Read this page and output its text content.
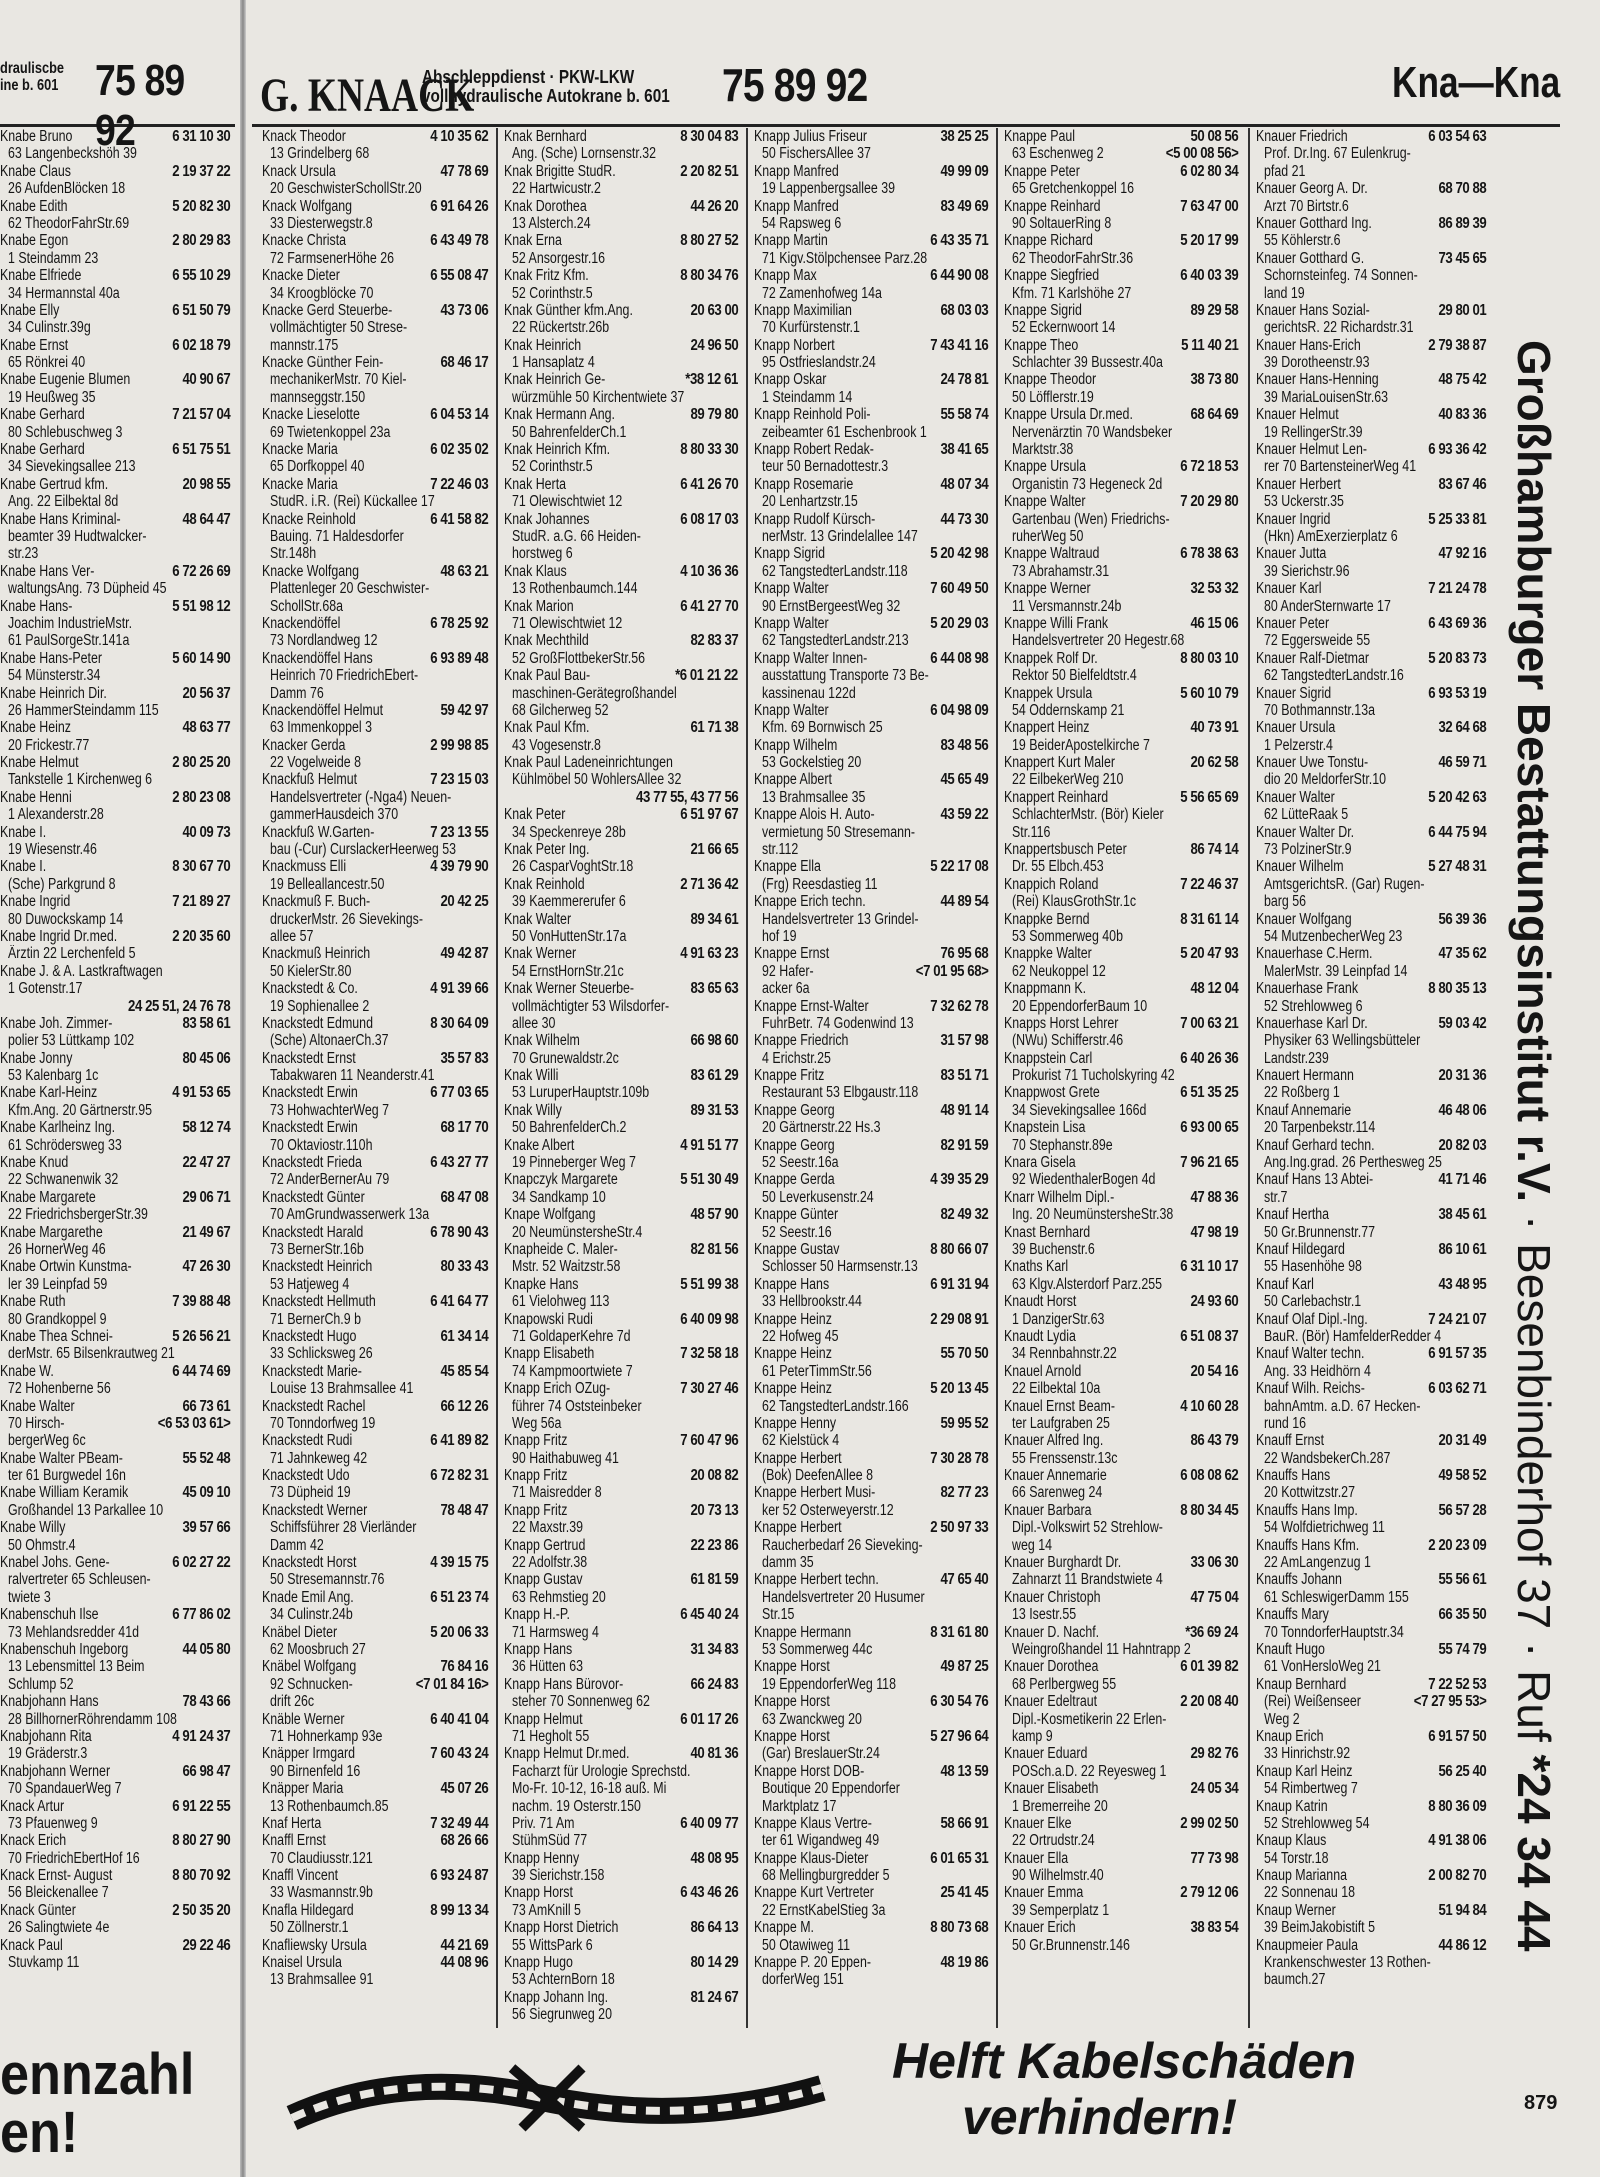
drauliscbe
ine b. 601 75 89 92
G. KNAACK
Abschleppdienst · PKW-LKW
vollhydraulische Autokrane b. 601 75 89 92	Kna—Kna
Knabe Bruno	6 31 10 30
63 Langenbeckshöh 39
Knabe Claus	2 19 37 22
26 AufdenBlöcken 18
Knabe Edith	5 20 82 30
62 TheodorFahrStr.69
Knabe Egon	2 80 29 83
1 Steindamm 23
Knabe Elfriede	6 55 10 29
34 Hermannstal 40a
Knabe Elly	6 51 50 79
34 Culinstr.39g
Knabe Ernst	6 02 18 79
65 Rönkrei 40
Knabe Eugenie Blumen	40 90 67
19 Heußweg 35
Knabe Gerhard	7 21 57 04
80 Schlebuschweg 3
Knabe Gerhard	6 51 75 51
34 Sievekingsallee 213
Knabe Gertrud kfm.	20 98 55
Ang. 22 Eilbektal 8d
Knabe Hans Kriminal-	48 64 47
beamter 39 Hudtwalcker-
str.23
Knabe Hans Ver-	6 72 26 69
waltungsAng. 73 Düpheid 45
Knabe Hans-	5 51 98 12
Joachim IndustrieMstr.
61 PaulSorgeStr.141a
Knabe Hans-Peter	5 60 14 90
54 Münsterstr.34
Knabe Heinrich Dir.	20 56 37
26 HammerSteindamm 115
Knabe Heinz	48 63 77
20 Frickestr.77
Knabe Helmut	2 80 25 20
Tankstelle 1 Kirchenweg 6
Knabe Henni	2 80 23 08
1 Alexanderstr.28
Knabe I.	40 09 73
19 Wiesenstr.46
Knabe I.	8 30 67 70
(Sche) Parkgrund 8
Knabe Ingrid	7 21 89 27
80 Duwockskamp 14
Knabe Ingrid Dr.med.	2 20 35 60
Ärztin 22 Lerchenfeld 5
Knabe J. & A. Lastkraftwagen
1 Gotenstr.17
24 25 51, 24 76 78
Knabe Joh. Zimmer-	83 58 61
polier 53 Lüttkamp 102
Knabe Jonny	80 45 06
53 Kalenbarg 1c
Knabe Karl-Heinz	4 91 53 65
Kfm.Ang. 20 Gärtnerstr.95
Knabe Karlheinz Ing.	58 12 74
61 Schrödersweg 33
Knabe Knud	22 47 27
22 Schwanenwik 32
Knabe Margarete	29 06 71
22 FriedrichsbergerStr.39
Knabe Margarethe	21 49 67
26 HornerWeg 46
Knabe Ortwin Kunstma-	47 26 30
ler 39 Leinpfad 59
Knabe Ruth	7 39 88 48
80 Grandkoppel 9
Knabe Thea Schnei-	5 26 56 21
derMstr. 65 Bilsenkrautweg 21
Knabe W.	6 44 74 69
72 Hohenberne 56
Knabe Walter	66 73 61
70 Hirsch-	<6 53 03 61>
bergerWeg 6c
Knabe Walter PBeam-	55 52 48
ter 61 Burgwedel 16n
Knabe William Keramik	45 09 10
Großhandel 13 Parkallee 10
Knabe Willy	39 57 66
50 Ohmstr.4
Knabel Johs. Gene-	6 02 27 22
ralvertreter 65 Schleusen-
twiete 3
Knabenschuh Ilse	6 77 86 02
73 Mehlandsredder 41d
Knabenschuh Ingeborg	44 05 80
13 Lebensmittel 13 Beim
Schlump 52
Knabjohann Hans	78 43 66
28 BillhornerRöhrendamm 108
Knabjohann Rita	4 91 24 37
19 Gräderstr.3
Knabjohann Werner	66 98 47
70 SpandauerWeg 7
Knack Artur	6 91 22 55
73 Pfauenweg 9
Knack Erich	8 80 27 90
70 FriedrichEbertHof 16
Knack Ernst- August	8 80 70 92
56 Bleickenallee 7
Knack Günter	2 50 35 20
26 Salingtwiete 4e
Knack Paul	29 22 46
Stuvkamp 11
Knack Theodor	4 10 35 62
13 Grindelberg 68
Knack Ursula	47 78 69
20 GeschwisterSchollStr.20
Knack Wolfgang	6 91 64 26
33 Diesterwegstr.8
Knacke Christa	6 43 49 78
72 FarmsenerHöhe 26
Knacke Dieter	6 55 08 47
34 Kroogblöcke 70
Knacke Gerd Steuerbe-	43 73 06
vollmächtigter 50 Strese-
mannstr.175
Knacke Günther Fein-	68 46 17
mechanikerMstr. 70 Kiel-
mannseggstr.150
Knacke Lieselotte	6 04 53 14
69 Twietenkoppel 23a
Knacke Maria	6 02 35 02
65 Dorfkoppel 40
Knacke Maria	7 22 46 03
StudR. i.R. (Rei) Kückallee 17
Knacke Reinhold	6 41 58 82
Bauing. 71 Haldesdorfer
Str.148h
Knacke Wolfgang	48 63 21
Plattenleger 20 Geschwister-
SchollStr.68a
Knackendöffel	6 78 25 92
73 Nordlandweg 12
Knackendöffel Hans	6 93 89 48
Heinrich 70 FriedrichEbert-
Damm 76
Knackendöffel Helmut	59 42 97
63 Immenkoppel 3
Knacker Gerda	2 99 98 85
22 Vogelweide 8
Knackfuß Helmut	7 23 15 03
Handelsvertreter (-Nga4) Neuen-
gammerHausdeich 370
Knackfuß W.Garten-	7 23 13 55
bau (-Cur) CurslackerHeerweg 53
Knackmuss Elli	4 39 79 90
19 Belleallancestr.50
Knackmuß F. Buch-	20 42 25
druckerMstr. 26 Sievekings-
allee 57
Knackmuß Heinrich	49 42 87
50 KielerStr.80
Knackstedt & Co.	4 91 39 66
19 Sophienallee 2
Knackstedt Edmund	8 30 64 09
(Sche) AltonaerCh.37
Knackstedt Ernst	35 57 83
Tabakwaren 11 Neanderstr.41
Knackstedt Erwin	6 77 03 65
73 HohwachterWeg 7
Knackstedt Erwin	68 17 70
70 Oktaviostr.110h
Knackstedt Frieda	6 43 27 77
72 AnderBernerAu 79
Knackstedt Günter	68 47 08
70 AmGrundwasserwerk 13a
Knackstedt Harald	6 78 90 43
73 BernerStr.16b
Knackstedt Heinrich	80 33 43
53 Hatjeweg 4
Knackstedt Hellmuth	6 41 64 77
71 BernerCh.9 b
Knackstedt Hugo	61 34 14
33 Schlicksweg 26
Knackstedt Marie-	45 85 54
Louise 13 Brahmsallee 41
Knackstedt Rachel	66 12 26
70 Tonndorfweg 19
Knackstedt Rudi	6 41 89 82
71 Jahnkeweg 42
Knackstedt Udo	6 72 82 31
73 Düpheid 19
Knackstedt Werner	78 48 47
Schiffsführer 28 Vierländer
Damm 42
Knackstedt Horst	4 39 15 75
50 Stresemannstr.76
Knade Emil Ang.	6 51 23 74
34 Culinstr.24b
Knäbel Dieter	5 20 06 33
62 Moosbruch 27
Knäbel Wolfgang	76 84 16
92 Schnucken-	<7 01 84 16>
drift 26c
Knäble Werner	6 40 41 04
71 Hohnerkamp 93e
Knäpper Irmgard	7 60 43 24
90 Birnenfeld 16
Knäpper Maria	45 07 26
13 Rothenbaumch.85
Knaf Herta	7 32 49 44
Knaffl Ernst	68 26 66
70 Claudiusstr.121
Knaffl Vincent	6 93 24 87
33 Wasmannstr.9b
Knafla Hildegard	8 99 13 34
50 Zöllnerstr.1
Knafliewsky Ursula	44 21 69
Knaisel Ursula	44 08 96
13 Brahmsallee 91
Knak Bernhard	8 30 04 83
Ang. (Sche) Lornsenstr.32
Knak Brigitte StudR.	2 20 82 51
22 Hartwicustr.2
Knak Dorothea	44 26 20
13 Alsterch.24
Knak Erna	8 80 27 52
52 Ansorgestr.16
Knak Fritz Kfm.	8 80 34 76
52 Corinthstr.5
Knak Günther kfm.Ang.	20 63 00
22 Rückertstr.26b
Knak Heinrich	24 96 50
1 Hansaplatz 4
Knak Heinrich Ge-	*38 12 61
würzmühle 50 Kirchentwiete 37
Knak Hermann Ang.	89 79 80
50 BahrenfelderCh.1
Knak Heinrich Kfm.	8 80 33 30
52 Corinthstr.5
Knak Herta	6 41 26 70
71 Olewischtwiet 12
Knak Johannes	6 08 17 03
StudR. a.G. 66 Heiden-
horstweg 6
Knak Klaus	4 10 36 36
13 Rothenbaumch.144
Knak Marion	6 41 27 70
71 Olewischtwiet 12
Knak Mechthild	82 83 37
52 GroßFlottbekerStr.56
Knak Paul Bau-	*6 01 21 22
maschinen-Gerätegroßhandel
68 Gilcherweg 52
Knak Paul Kfm.	61 71 38
43 Vogesenstr.8
Knak Paul Ladeneinrichtungen
Kühlmöbel 50 WohlersAllee 32
43 77 55, 43 77 56
Knak Peter	6 51 97 67
34 Speckenreye 28b
Knak Peter Ing.	21 66 65
26 CasparVoghtStr.18
Knak Reinhold	2 71 36 42
39 Kaemmererufer 6
Knak Walter	89 34 61
50 VonHuttenStr.17a
Knak Werner	4 91 63 23
54 ErnstHornStr.21c
Knak Werner Steuerbe-	83 65 63
vollmächtigter 53 Wilsdorfer-
allee 30
Knak Wilhelm	66 98 60
70 Grunewaldstr.2c
Knak Willi	83 61 29
53 LuruperHauptstr.109b
Knak Willy	89 31 53
50 BahrenfelderCh.2
Knake Albert	4 91 51 77
19 Pinneberger Weg 7
Knapczyk Margarete	5 51 30 49
34 Sandkamp 10
Knape Wolfgang	48 57 90
20 NeumünstersheStr.4
Knapheide C. Maler-	82 81 56
Mstr. 52 Waitzstr.58
Knapke Hans	5 51 99 38
61 Vielohweg 113
Knapowski Rudi	6 40 09 98
71 GoldaperKehre 7d
Knapp Elisabeth	7 32 58 18
74 Kampmoortwiete 7
Knapp Erich OZug-	7 30 27 46
führer 74 Oststeinbeker
Weg 56a
Knapp Fritz	7 60 47 96
90 Haithabuweg 41
Knapp Fritz	20 08 82
71 Maisredder 8
Knapp Fritz	20 73 13
22 Maxstr.39
Knapp Gertrud	22 23 86
22 Adolfstr.38
Knapp Gustav	61 81 59
63 Rehmstieg 20
Knapp H.-P.	6 45 40 24
71 Harmsweg 4
Knapp Hans	31 34 83
36 Hütten 63
Knapp Hans Bürovor-	66 24 83
steher 70 Sonnenweg 62
Knapp Helmut	6 01 17 26
71 Hegholt 55
Knapp Helmut Dr.med.	40 81 36
Facharzt für Urologie Sprechstd.
Mo-Fr. 10-12, 16-18 auß. Mi
nachm. 19 Osterstr.150
Priv. 71 Am	6 40 09 77
StühmSüd 77
Knapp Henny	48 08 95
39 Sierichstr.158
Knapp Horst	6 43 46 26
73 AmKnill 5
Knapp Horst Dietrich	86 64 13
55 WittsPark 6
Knapp Hugo	80 14 29
53 AchternBorn 18
Knapp Johann Ing.	81 24 67
56 Siegrunweg 20
Knapp Julius Friseur	38 25 25
50 FischersAllee 37
Knapp Manfred	49 99 09
19 Lappenbergsallee 39
Knapp Manfred	83 49 69
54 Rapsweg 6
Knapp Martin	6 43 35 71
71 Kigv.Stölpchensee Parz.28
Knapp Max	6 44 90 08
72 Zamenhofweg 14a
Knapp Maximilian	68 03 03
70 Kurfürstenstr.1
Knapp Norbert	7 43 41 16
95 Ostfrieslandstr.24
Knapp Oskar	24 78 81
1 Steindamm 14
Knapp Reinhold Poli-	55 58 74
zeibeamter 61 Eschenbrook 1
Knapp Robert Redak-	38 41 65
teur 50 Bernadottestr.3
Knapp Rosemarie	48 07 34
20 Lenhartzstr.15
Knapp Rudolf Kürsch-	44 73 30
nerMstr. 13 Grindelallee 147
Knapp Sigrid	5 20 42 98
62 TangstedterLandstr.118
Knapp Walter	7 60 49 50
90 ErnstBergeestWeg 32
Knapp Walter	5 20 29 03
62 TangstedterLandstr.213
Knapp Walter Innen-	6 44 08 98
ausstattung Transporte 73 Be-
kassinenau 122d
Knapp Walter	6 04 98 09
Kfm. 69 Bornwisch 25
Knapp Wilhelm	83 48 56
53 Gockelstieg 20
Knappe Albert	45 65 49
13 Brahmsallee 35
Knappe Alois H. Auto-	43 59 22
vermietung 50 Stresemann-
str.112
Knappe Ella	5 22 17 08
(Frg) Reesdastieg 11
Knappe Erich techn.	44 89 54
Handelsvertreter 13 Grindel-
hof 19
Knappe Ernst	76 95 68
92 Hafer-	<7 01 95 68>
acker 6a
Knappe Ernst-Walter	7 32 62 78
FuhrBetr. 74 Godenwind 13
Knappe Friedrich	31 57 98
4 Erichstr.25
Knappe Fritz	83 51 71
Restaurant 53 Elbgaustr.118
Knappe Georg	48 91 14
20 Gärtnerstr.22 Hs.3
Knappe Georg	82 91 59
52 Seestr.16a
Knappe Gerda	4 39 35 29
50 Leverkusenstr.24
Knappe Günter	82 49 32
52 Seestr.16
Knappe Gustav	8 80 66 07
Schlosser 50 Harmsenstr.13
Knappe Hans	6 91 31 94
33 Hellbrookstr.44
Knappe Heinz	2 29 08 91
22 Hofweg 45
Knappe Heinz	55 70 50
61 PeterTimmStr.56
Knappe Heinz	5 20 13 45
62 TangstedterLandstr.166
Knappe Henny	59 95 52
62 Kielstück 4
Knappe Herbert	7 30 28 78
(Bok) DeefenAllee 8
Knappe Herbert Musi-	82 77 23
ker 52 Osterweyerstr.12
Knappe Herbert	2 50 97 33
Raucherbedarf 26 Sieveking-
damm 35
Knappe Herbert techn.	47 65 40
Handelsvertreter 20 Husumer
Str.15
Knappe Hermann	8 31 61 80
53 Sommerweg 44c
Knappe Horst	49 87 25
19 EppendorferWeg 118
Knappe Horst	6 30 54 76
63 Zwanckweg 20
Knappe Horst	5 27 96 64
(Gar) BreslauerStr.24
Knappe Horst DOB-	48 13 59
Boutique 20 Eppendorfer
Marktplatz 17
Knappe Klaus Vertre-	58 66 91
ter 61 Wigandweg 49
Knappe Klaus-Dieter	6 01 65 31
68 Mellingburgredder 5
Knappe Kurt Vertreter	25 41 45
22 ErnstKabelStieg 3a
Knappe M.	8 80 73 68
50 Otawiweg 11
Knappe P. 20 Eppen-	48 19 86
dorferWeg 151
Knappe Paul	50 08 56
63 Eschenweg 2	<5 00 08 56>
Knappe Peter	6 02 80 34
65 Gretchenkoppel 16
Knappe Reinhard	7 63 47 00
90 SoltauerRing 8
Knappe Richard	5 20 17 99
62 TheodorFahrStr.36
Knappe Siegfried	6 40 03 39
Kfm. 71 Karlshöhe 27
Knappe Sigrid	89 29 58
52 Eckernwoort 14
Knappe Theo	5 11 40 21
Schlachter 39 Bussestr.40a
Knappe Theodor	38 73 80
50 Löfflerstr.19
Knappe Ursula Dr.med.	68 64 69
Nervenärztin 70 Wandsbeker
Marktstr.38
Knappe Ursula	6 72 18 53
Organistin 73 Hegeneck 2d
Knappe Walter	7 20 29 80
Gartenbau (Wen) Friedrichs-
ruherWeg 50
Knappe Waltraud	6 78 38 63
73 Abrahamstr.31
Knappe Werner	32 53 32
11 Versmannstr.24b
Knappe Willi Frank	46 15 06
Handelsvertreter 20 Hegestr.68
Knappek Rolf Dr.	8 80 03 10
Rektor 50 Bielfeldtstr.4
Knappek Ursula	5 60 10 79
54 Oddernskamp 21
Knappert Heinz	40 73 91
19 BeiderApostelkirche 7
Knappert Kurt Maler	20 62 58
22 EilbekerWeg 210
Knappert Reinhard	5 56 65 69
SchlachterMstr. (Bör) Kieler
Str.116
Knappertsbusch Peter	86 74 14
Dr. 55 Elbch.453
Knappich Roland	7 22 46 37
(Rei) KlausGrothStr.1c
Knappke Bernd	8 31 61 14
53 Sommerweg 40b
Knappke Walter	5 20 47 93
62 Neukoppel 12
Knappmann K.	48 12 04
20 EppendorferBaum 10
Knapps Horst Lehrer	7 00 63 21
(NWu) Schifferstr.46
Knappstein Carl	6 40 26 36
Prokurist 71 Tucholskyring 42
Knappwost Grete	6 51 35 25
34 Sievekingsallee 166d
Knapstein Lisa	6 93 00 65
70 Stephanstr.89e
Knara Gisela	7 96 21 65
92 WiedenthalerBogen 4d
Knarr Wilhelm Dipl.-	47 88 36
Ing. 20 NeumünstersheStr.38
Knast Bernhard	47 98 19
39 Buchenstr.6
Knaths Karl	6 31 10 17
63 Klgv.Alsterdorf Parz.255
Knaudt Horst	24 93 60
1 DanzigerStr.63
Knaudt Lydia	6 51 08 37
34 Rennbahnstr.22
Knauel Arnold	20 54 16
22 Eilbektal 10a
Knauel Ernst Beam-	4 10 60 28
ter Laufgraben 25
Knauer Alfred Ing.	86 43 79
55 Frenssenstr.13c
Knauer Annemarie	6 08 08 62
66 Sarenweg 24
Knauer Barbara	8 80 34 45
Dipl.-Volkswirt 52 Strehlow-
weg 14
Knauer Burghardt Dr.	33 06 30
Zahnarzt 11 Brandstwiete 4
Knauer Christoph	47 75 04
13 Isestr.55
Knauer D. Nachf.	*36 69 24
Weingroßhandel 11 Hahntrapp 2
Knauer Dorothea	6 01 39 82
68 Perlbergweg 55
Knauer Edeltraut	2 20 08 40
Dipl.-Kosmetikerin 22 Erlen-
kamp 9
Knauer Eduard	29 82 76
POSch.a.D. 22 Reyesweg 1
Knauer Elisabeth	24 05 34
1 Bremerreihe 20
Knauer Elke	2 99 02 50
22 Ortrudstr.24
Knauer Ella	77 73 98
90 Wilhelmstr.40
Knauer Emma	2 79 12 06
39 Semperplatz 1
Knauer Erich	38 83 54
50 Gr.Brunnenstr.146
Knauer Friedrich	6 03 54 63
Prof. Dr.Ing. 67 Eulenkrug-
pfad 21
Knauer Georg A. Dr.	68 70 88
Arzt 70 Birtstr.6
Knauer Gotthard Ing.	86 89 39
55 Köhlerstr.6
Knauer Gotthard G.	73 45 65
Schornsteinfeg. 74 Sonnen-
land 19
Knauer Hans Sozial-	29 80 01
gerichtsR. 22 Richardstr.31
Knauer Hans-Erich	2 79 38 87
39 Dorotheenstr.93
Knauer Hans-Henning	48 75 42
39 MariaLouisenStr.63
Knauer Helmut	40 83 36
19 RellingerStr.39
Knauer Helmut Len-	6 93 36 42
rer 70 BartensteinerWeg 41
Knauer Herbert	83 67 46
53 Uckerstr.35
Knauer Ingrid	5 25 33 81
(Hkn) AmExerzierplatz 6
Knauer Jutta	47 92 16
39 Sierichstr.96
Knauer Karl	7 21 24 78
80 AnderSternwarte 17
Knauer Peter	6 43 69 36
72 Eggersweide 55
Knauer Ralf-Dietmar	5 20 83 73
62 TangstedterLandstr.16
Knauer Sigrid	6 93 53 19
70 Bothmannstr.13a
Knauer Ursula	32 64 68
1 Pelzerstr.4
Knauer Uwe Tonstu-	46 59 71
dio 20 MeldorferStr.10
Knauer Walter	5 20 42 63
62 LütteRaak 5
Knauer Walter Dr.	6 44 75 94
73 PolzinerStr.9
Knauer Wilhelm	5 27 48 31
AmtsgerichtsR. (Gar) Rugen-
barg 56
Knauer Wolfgang	56 39 36
54 MutzenbecherWeg 23
Knauerhase C.Herm.	47 35 62
MalerMstr. 39 Leinpfad 14
Knauerhase Frank	8 80 35 13
52 Strehlowweg 6
Knauerhase Karl Dr.	59 03 42
Physiker 63 Wellingsbütteler
Landstr.239
Knauert Hermann	20 31 36
22 Roßberg 1
Knauf Annemarie	46 48 06
20 Tarpenbekstr.114
Knauf Gerhard techn.	20 82 03
Ang.Ing.grad. 26 Perthesweg 25
Knauf Hans 13 Abtei-	41 71 46
str.7
Knauf Hertha	38 45 61
50 Gr.Brunnenstr.77
Knauf Hildegard	86 10 61
55 Hasenhöhe 98
Knauf Karl	43 48 95
50 Carlebachstr.1
Knauf Olaf Dipl.-Ing.	7 24 21 07
BauR. (Bör) HamfelderRedder 4
Knauf Walter techn.	6 91 57 35
Ang. 33 Heidhörn 4
Knauf Wilh. Reichs-	6 03 62 71
bahnAmtm. a.D. 67 Hecken-
rund 16
Knauff Ernst	20 31 49
22 WandsbekerCh.287
Knauffs Hans	49 58 52
20 Kottwitzstr.27
Knauffs Hans Imp.	56 57 28
54 Wolfdietrichweg 11
Knauffs Hans Kfm.	2 20 23 09
22 AmLangenzug 1
Knauffs Johann	55 56 61
61 SchleswigerDamm 155
Knauffs Mary	66 35 50
70 TonndorferHauptstr.34
Knauft Hugo	55 74 79
61 VonHersloWeg 21
Knaup Bernhard	7 22 52 53
(Rei) Weißenseer	<7 27 95 53>
Weg 2
Knaup Erich	6 91 57 50
33 Hinrichstr.92
Knaup Karl Heinz	56 25 40
54 Rimbertweg 7
Knaup Katrin	8 80 36 09
52 Strehlowweg 54
Knaup Klaus	4 91 38 06
54 Torstr.18
Knaup Marianna	2 00 82 70
22 Sonnenau 18
Knaup Werner	51 94 84
39 BeimJakobistift 5
Knaupmeier Paula	44 86 12
Krankenschwester 13 Rothen-
baumch.27
Großhamburger Bestattungsinstitut r.V. · Besenbinderhof 37 · Ruf *24 34 44
ennzahl
en!
Helft Kabelschäden
verhindern!	879
